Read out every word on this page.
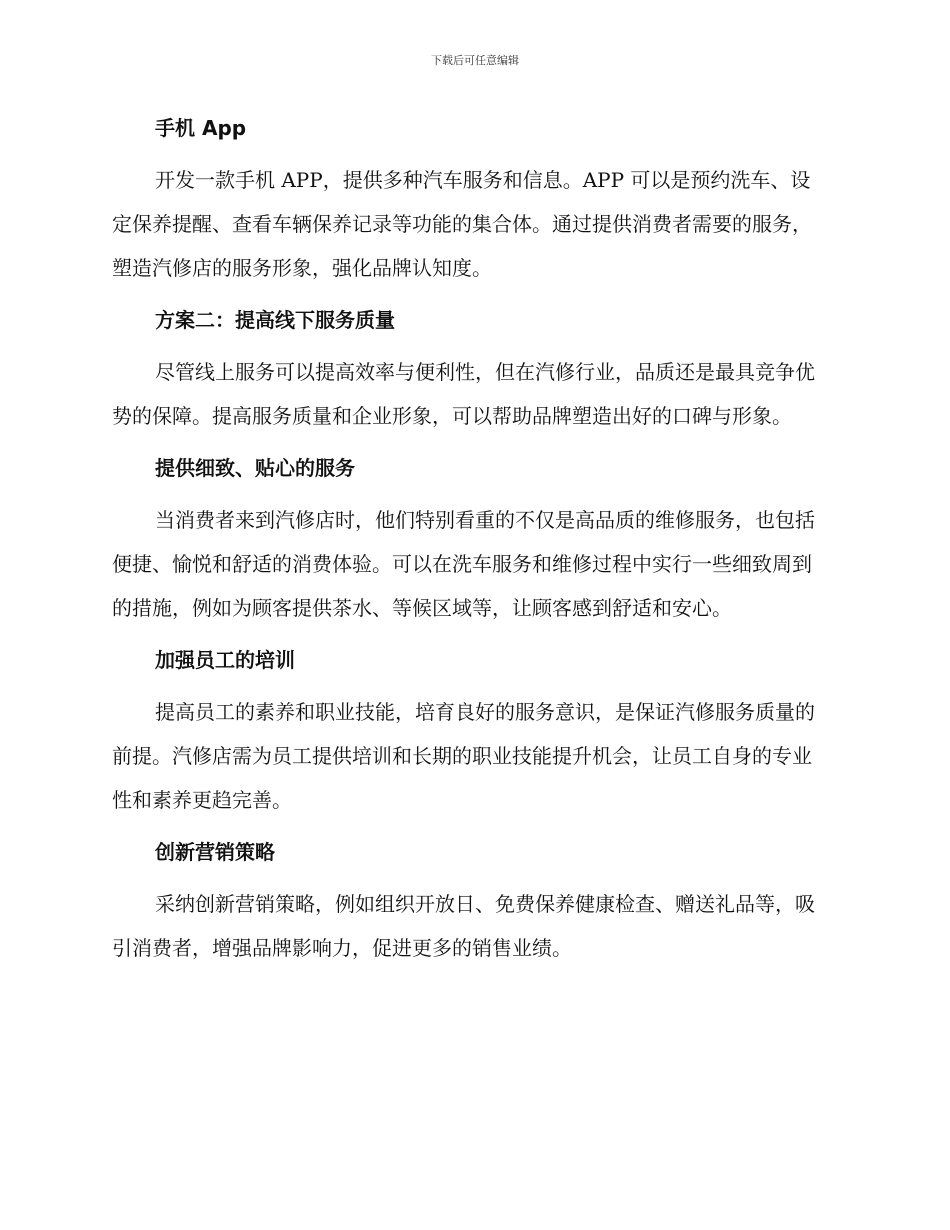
下载后可任意编辑
手机 App

开发一款手机 APP，提供多种汽车服务和信息。APP 可以是预约洗车、设定保养提醒、查看车辆保养记录等功能的集合体。通过提供消费者需要的服务，塑造汽修店的服务形象，强化品牌认知度。

方案二：提高线下服务质量

尽管线上服务可以提高效率与便利性，但在汽修行业，品质还是最具竞争优势的保障。提高服务质量和企业形象，可以帮助品牌塑造出好的口碑与形象。

提供细致、贴心的服务

当消费者来到汽修店时，他们特别看重的不仅是高品质的维修服务，也包括便捷、愉悦和舒适的消费体验。可以在洗车服务和维修过程中实行一些细致周到的措施，例如为顾客提供茶水、等候区域等，让顾客感到舒适和安心。

加强员工的培训

提高员工的素养和职业技能，培育良好的服务意识，是保证汽修服务质量的前提。汽修店需为员工提供培训和长期的职业技能提升机会，让员工自身的专业性和素养更趋完善。

创新营销策略

采纳创新营销策略，例如组织开放日、免费保养健康检查、赠送礼品等，吸引消费者，增强品牌影响力，促进更多的销售业绩。
